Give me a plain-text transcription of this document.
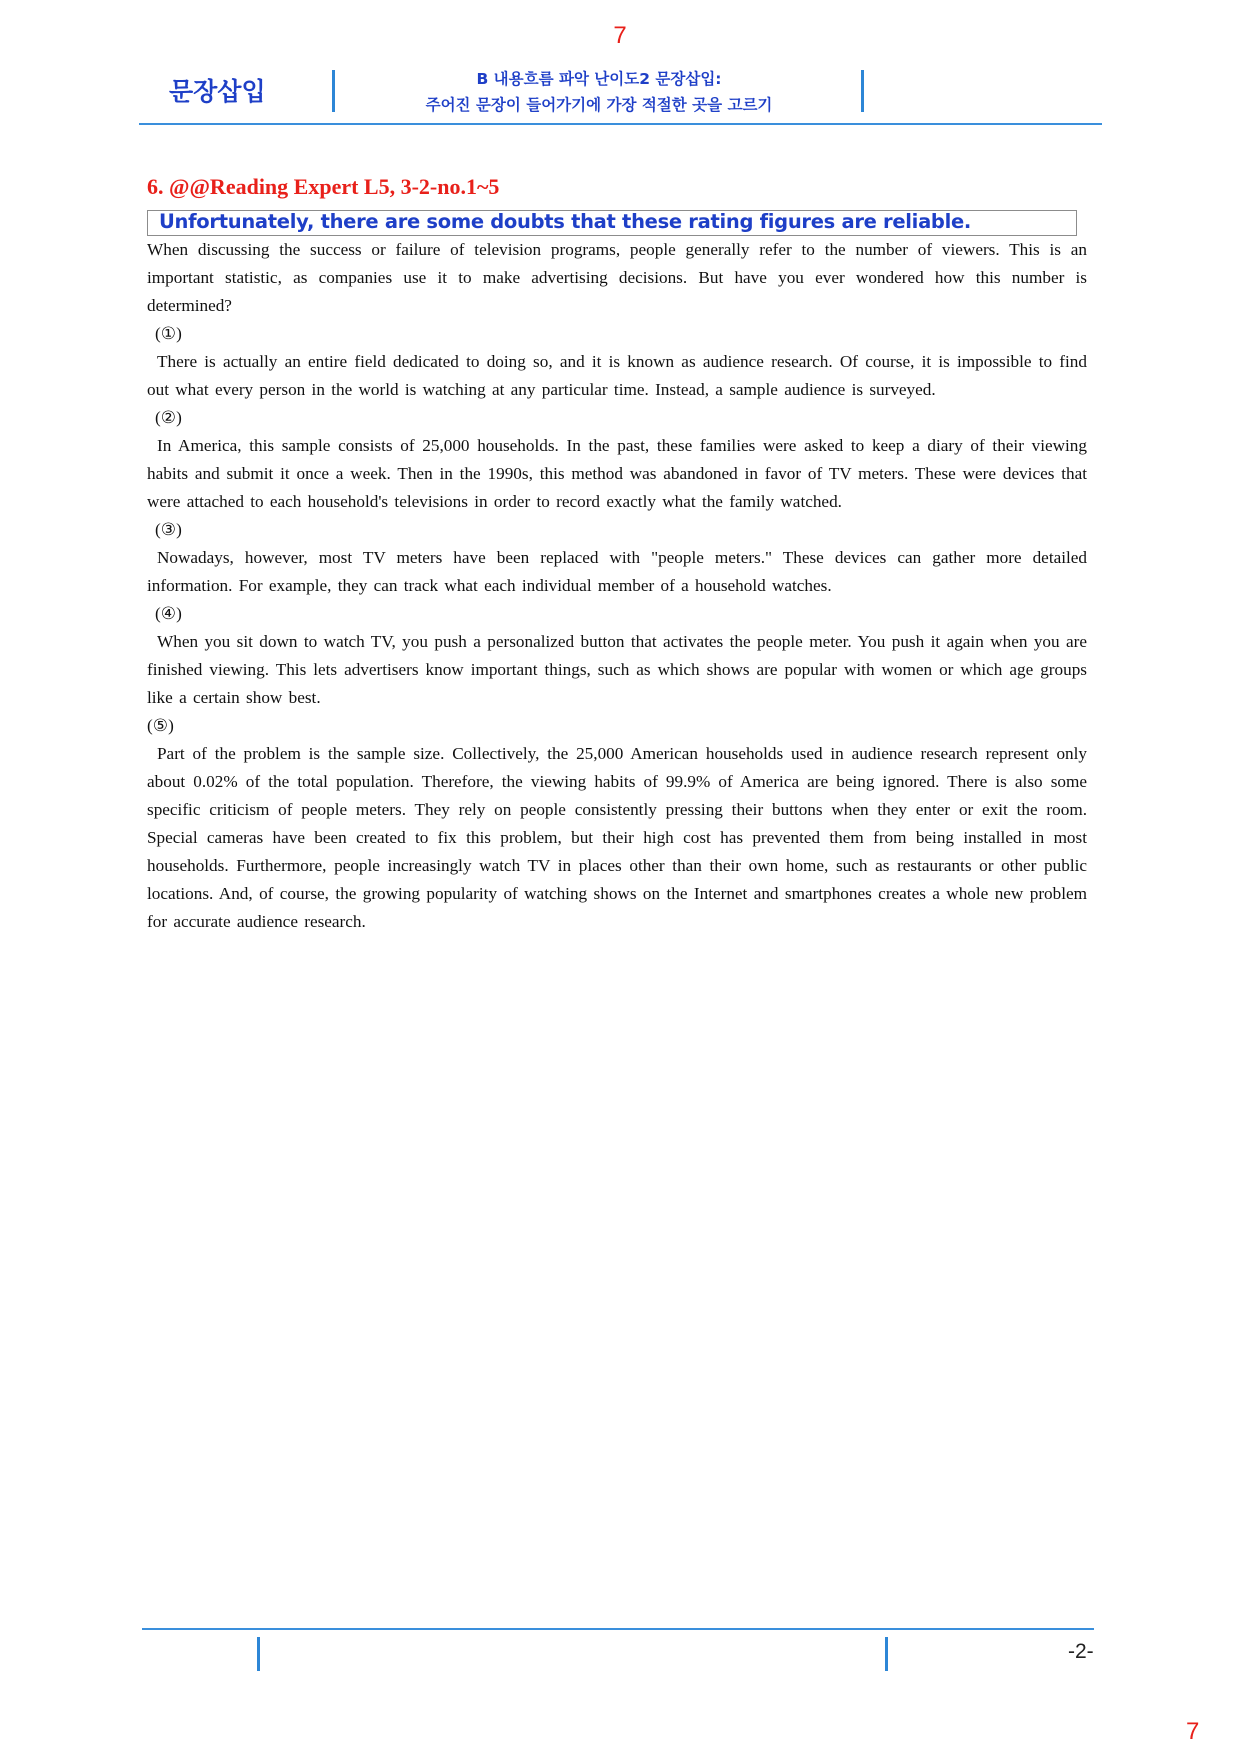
7
문장삽입	B 내용흐름 파악 난이도2 문장삽입:
주어진 문장이 들어가기에 가장 적절한 곳을 고르기
6. @@Reading Expert L5, 3-2-no.1~5
Unfortunately, there are some doubts that these rating figures are reliable.

When discussing the success or failure of television programs, people generally refer to the number of viewers. This is an important statistic, as companies use it to make advertising decisions. But have you ever wondered how this number is determined?

(①)

There is actually an entire field dedicated to doing so, and it is known as audience research. Of course, it is impossible to find out what every person in the world is watching at any particular time. Instead, a sample audience is surveyed.

(②)

In America, this sample consists of 25,000 households. In the past, these families were asked to keep a diary of their viewing habits and submit it once a week. Then in the 1990s, this method was abandoned in favor of TV meters. These were devices that were attached to each household's televisions in order to record exactly what the family watched.

(③)

Nowadays, however, most TV meters have been replaced with "people meters." These devices can gather more detailed information. For example, they can track what each individual member of a household watches.

(④)

When you sit down to watch TV, you push a personalized button that activates the people meter. You push it again when you are finished viewing. This lets advertisers know important things, such as which shows are popular with women or which age groups like a certain show best.

(⑤)

Part of the problem is the sample size. Collectively, the 25,000 American households used in audience research represent only about 0.02% of the total population. Therefore, the viewing habits of 99.9% of America are being ignored. There is also some specific criticism of people meters. They rely on people consistently pressing their buttons when they enter or exit the room. Special cameras have been created to fix this problem, but their high cost has prevented them from being installed in most households. Furthermore, people increasingly watch TV in places other than their own home, such as restaurants or other public locations. And, of course, the growing popularity of watching shows on the Internet and smartphones creates a whole new problem for accurate audience research.

-2-
7
